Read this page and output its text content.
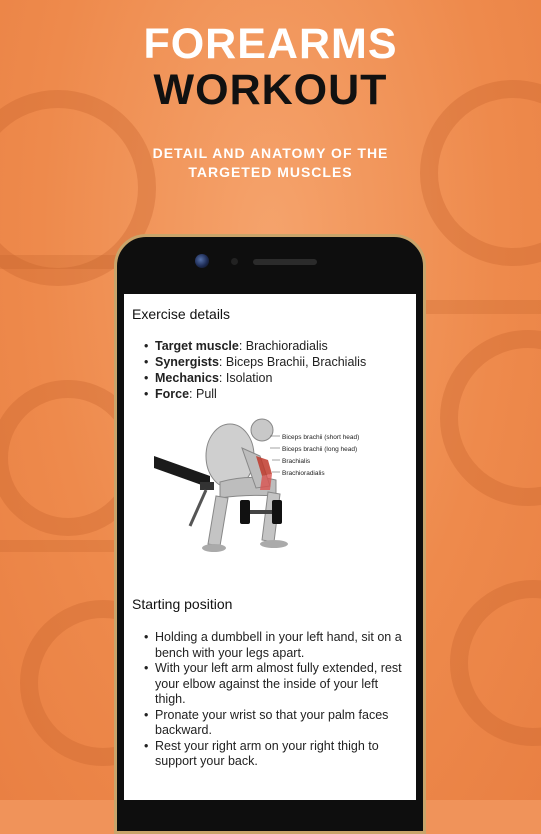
FOREARMS
WORKOUT
DETAIL AND ANATOMY OF THE
TARGETED MUSCLES
Exercise details
• Target muscle: Brachioradialis
• Synergists: Biceps Brachii, Brachialis
• Mechanics: Isolation
• Force: Pull
Biceps brachii (short head)
Biceps brachii (long head)
Brachialis
Brachioradialis
Starting position
• Holding a dumbbell in your left hand, sit on a bench with your legs apart.
• With your left arm almost fully extended, rest your elbow against the inside of your left thigh.
• Pronate your wrist so that your palm faces backward.
• Rest your right arm on your right thigh to support your back.
